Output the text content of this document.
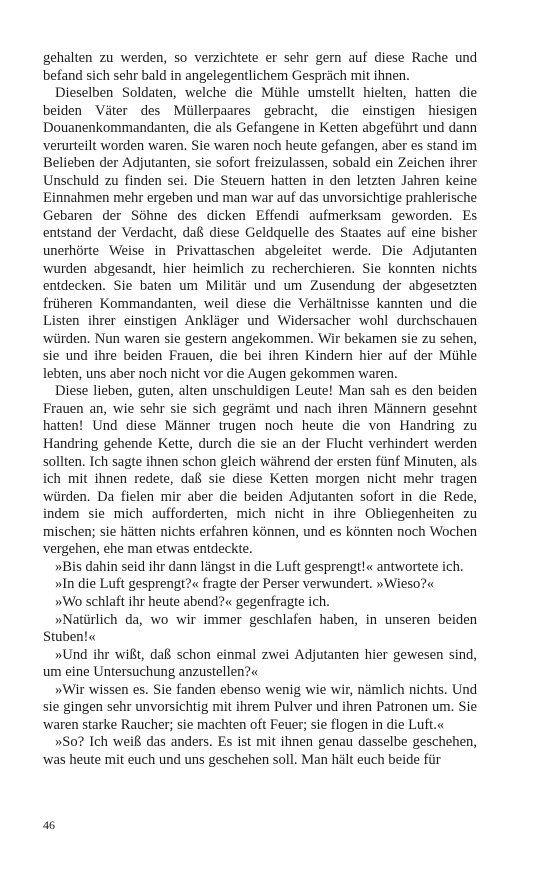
gehalten zu werden, so verzichtete er sehr gern auf diese Rache und befand sich sehr bald in angelegentlichem Gespräch mit ihnen.

Dieselben Soldaten, welche die Mühle umstellt hielten, hatten die beiden Väter des Müllerpaares gebracht, die einstigen hiesigen Douanenkommandanten, die als Gefangene in Ketten abgeführt und dann verurteilt worden waren. Sie waren noch heute gefangen, aber es stand im Belieben der Adjutanten, sie sofort freizulassen, sobald ein Zeichen ihrer Unschuld zu finden sei. Die Steuern hatten in den letzten Jahren keine Einnahmen mehr ergeben und man war auf das unvorsichtige prahlerische Gebaren der Söhne des dicken Effendi aufmerksam geworden. Es entstand der Verdacht, daß diese Geldquelle des Staates auf eine bisher unerhörte Weise in Privattaschen abgeleitet werde. Die Adjutanten wurden abgesandt, hier heimlich zu recherchieren. Sie konnten nichts entdecken. Sie baten um Militär und um Zusendung der abgesetzten früheren Kommandanten, weil diese die Verhältnisse kannten und die Listen ihrer einstigen Ankläger und Widersacher wohl durchschauen würden. Nun waren sie gestern angekommen. Wir bekamen sie zu sehen, sie und ihre beiden Frauen, die bei ihren Kindern hier auf der Mühle lebten, uns aber noch nicht vor die Augen gekommen waren.

Diese lieben, guten, alten unschuldigen Leute! Man sah es den beiden Frauen an, wie sehr sie sich gegrämt und nach ihren Männern gesehnt hatten! Und diese Männer trugen noch heute die von Handring zu Handring gehende Kette, durch die sie an der Flucht verhindert werden sollten. Ich sagte ihnen schon gleich während der ersten fünf Minuten, als ich mit ihnen redete, daß sie diese Ketten morgen nicht mehr tragen würden. Da fielen mir aber die beiden Adjutanten sofort in die Rede, indem sie mich aufforderten, mich nicht in ihre Obliegenheiten zu mischen; sie hätten nichts erfahren können, und es könnten noch Wochen vergehen, ehe man etwas entdeckte.

»Bis dahin seid ihr dann längst in die Luft gesprengt!« antwortete ich.

»In die Luft gesprengt?« fragte der Perser verwundert. »Wieso?«

»Wo schlaft ihr heute abend?« gegenfragte ich.

»Natürlich da, wo wir immer geschlafen haben, in unseren beiden Stuben!«

»Und ihr wißt, daß schon einmal zwei Adjutanten hier gewesen sind, um eine Untersuchung anzustellen?«

»Wir wissen es. Sie fanden ebenso wenig wie wir, nämlich nichts. Und sie gingen sehr unvorsichtig mit ihrem Pulver und ihren Patronen um. Sie waren starke Raucher; sie machten oft Feuer; sie flogen in die Luft.«

»So? Ich weiß das anders. Es ist mit ihnen genau dasselbe geschehen, was heute mit euch und uns geschehen soll. Man hält euch beide für

46
